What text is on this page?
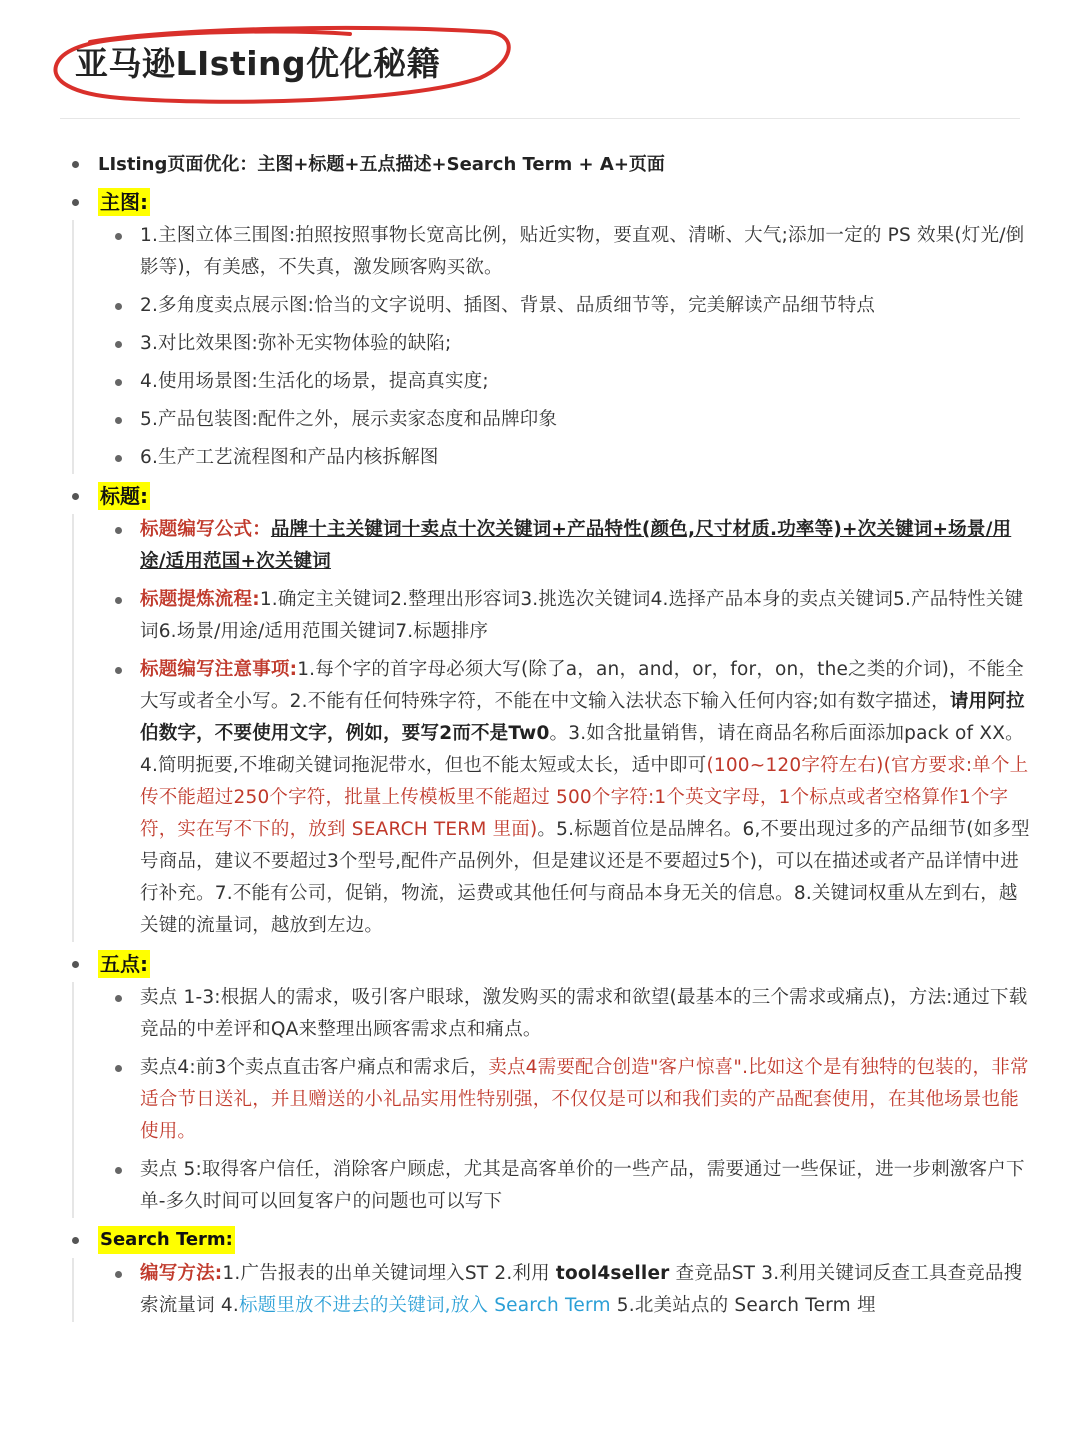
亚马逊LIsting优化秘籍

LIsting页面优化：主图+标题+五点描述+Search Term + A+页面

主图:
1.主图立体三围图:拍照按照事物长宽高比例，贴近实物，要直观、清晰、大气;添加一定的 PS 效果(灯光/倒影等)，有美感，不失真，激发顾客购买欲。
2.多角度卖点展示图:恰当的文字说明、插图、背景、品质细节等，完美解读产品细节特点
3.对比效果图:弥补无实物体验的缺陷;
4.使用场景图:生活化的场景，提高真实度;
5.产品包装图:配件之外，展示卖家态度和品牌印象
6.生产工艺流程图和产品内核拆解图
标题:
标题编写公式：品牌十主关键词十卖点十次关键词+产品特性(颜色,尺寸材质.功率等)+次关键词+场景/用途/适用范国+次关键词
标题提炼流程:1.确定主关键词2.整理出形容词3.挑选次关键词4.选择产品本身的卖点关键词5.产品特性关键词6.场景/用途/适用范围关键词7.标题排序
标题编写注意事项:1.每个字的首字母必须大写(除了a，an，and，or，for，on，the之类的介词)，不能全大写或者全小写。2.不能有任何特殊字符，不能在中文输入法状态下输入任何内容;如有数字描述，请用阿拉伯数字，不要使用文字，例如，要写2而不是Tw0。3.如含批量销售，请在商品名称后面添加pack of XX。4.简明扼要,不堆砌关键词拖泥带水，但也不能太短或太长，适中即可(100~120字符左右)(官方要求:单个上传不能超过250个字符，批量上传模板里不能超过 500个字符:1个英文字母，1个标点或者空格算作1个字符，实在写不下的，放到 SEARCH TERM 里面)。5.标题首位是品牌名。6,不要出现过多的产品细节(如多型号商品，建议不要超过3个型号,配件产品例外，但是建议还是不要超过5个)，可以在描述或者产品详情中进行补充。7.不能有公司，促销，物流，运费或其他任何与商品本身无关的信息。8.关键词权重从左到右，越关键的流量词，越放到左边。
五点:
卖点 1-3:根据人的需求，吸引客户眼球，激发购买的需求和欲望(最基本的三个需求或痛点)，方法:通过下载竞品的中差评和QA来整理出顾客需求点和痛点。
卖点4:前3个卖点直击客户痛点和需求后，卖点4需要配合创造"客户惊喜".比如这个是有独特的包装的，非常适合节日送礼，并且赠送的小礼品实用性特别强，不仅仅是可以和我们卖的产品配套使用，在其他场景也能使用。
卖点 5:取得客户信任，消除客户顾虑，尤其是高客单价的一些产品，需要通过一些保证，进一步刺激客户下单-多久时间可以回复客户的问题也可以写下
Search Term:
编写方法:1.广告报表的出单关键词埋入ST 2.利用 tool4seller 查竞品ST 3.利用关键词反查工具查竞品搜索流量词 4.标题里放不进去的关键词,放入 Search Term 5.北美站点的 Search Term 埋
